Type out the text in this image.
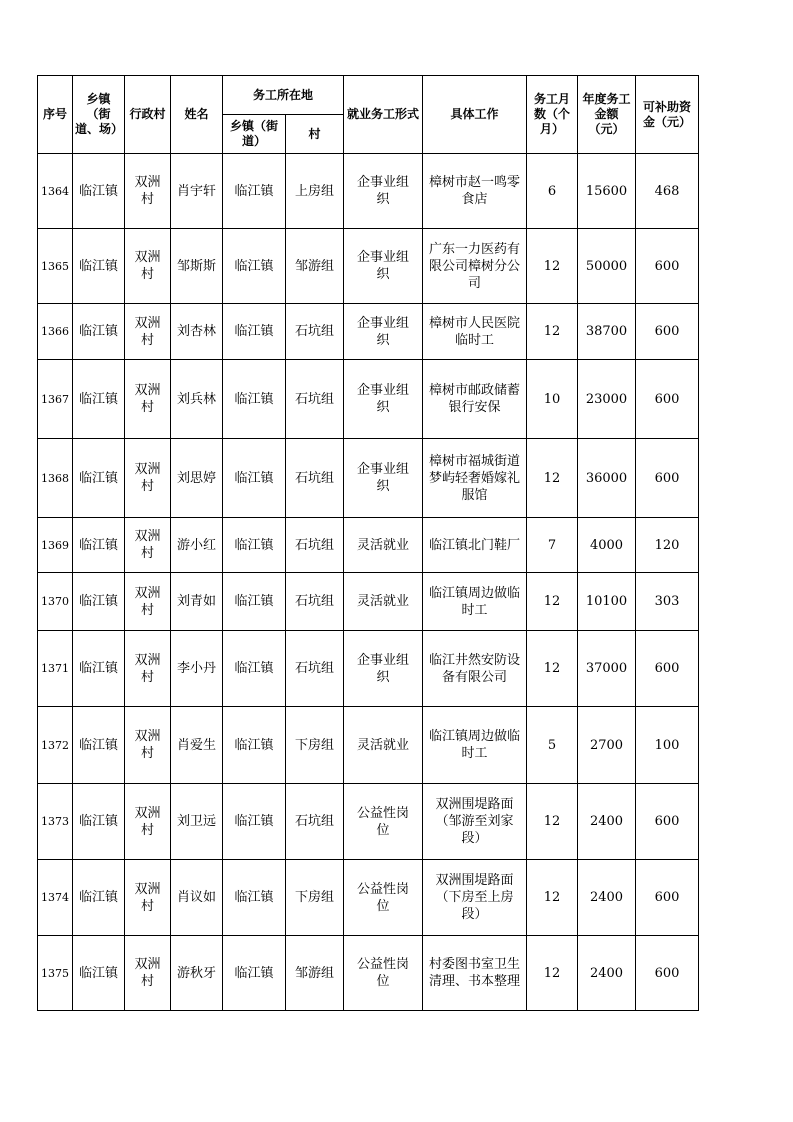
序号	乡镇（街道、场）	行政村	姓名	务工所在地		就业务工形式	具体工作	务工月数（个月）	年度务工金额（元）	可补助资金（元）
				乡镇（街道）	村					
1364	临江镇	双洲村	肖宇轩	临江镇	上房组	企事业组织	樟树市赵一鸣零食店	6	15600	468
1365	临江镇	双洲村	邹斯斯	临江镇	邹游组	企事业组织	广东一力医药有限公司樟树分公司	12	50000	600
1366	临江镇	双洲村	刘杏林	临江镇	石坑组	企事业组织	樟树市人民医院临时工	12	38700	600
1367	临江镇	双洲村	刘兵林	临江镇	石坑组	企事业组织	樟树市邮政储蓄银行安保	10	23000	600
1368	临江镇	双洲村	刘思婷	临江镇	石坑组	企事业组织	樟树市福城街道梦屿轻奢婚嫁礼服馆	12	36000	600
1369	临江镇	双洲村	游小红	临江镇	石坑组	灵活就业	临江镇北门鞋厂	7	4000	120
1370	临江镇	双洲村	刘青如	临江镇	石坑组	灵活就业	临江镇周边做临时工	12	10100	303
1371	临江镇	双洲村	李小丹	临江镇	石坑组	企事业组织	临江井然安防设备有限公司	12	37000	600
1372	临江镇	双洲村	肖爱生	临江镇	下房组	灵活就业	临江镇周边做临时工	5	2700	100
1373	临江镇	双洲村	刘卫远	临江镇	石坑组	公益性岗位	双洲围堤路面（邹游至刘家段）	12	2400	600
1374	临江镇	双洲村	肖议如	临江镇	下房组	公益性岗位	双洲围堤路面（下房至上房段）	12	2400	600
1375	临江镇	双洲村	游秋牙	临江镇	邹游组	公益性岗位	村委图书室卫生清理、书本整理	12	2400	600
